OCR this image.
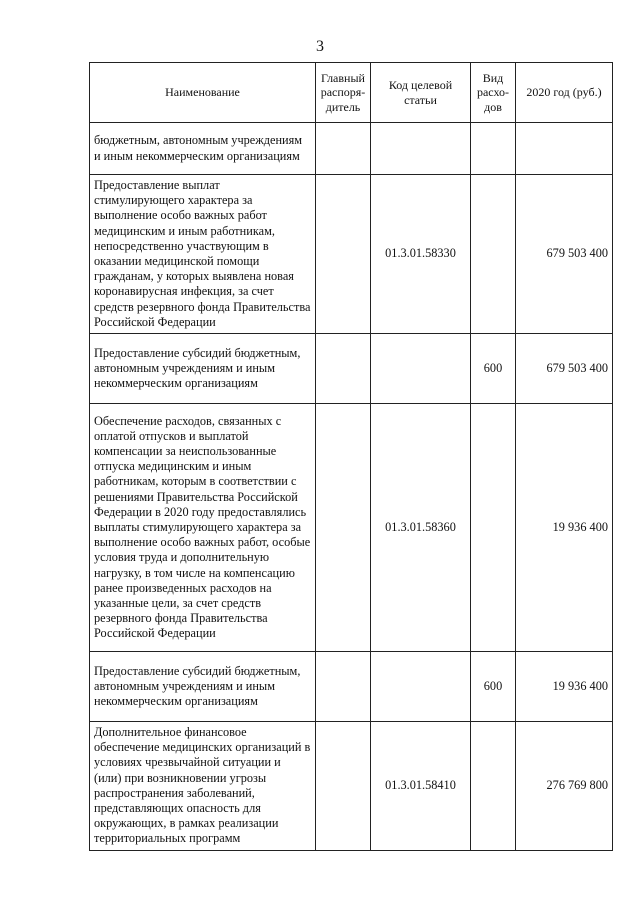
3
Наименование	Главный распоря-дитель	Код целевой статьи	Вид расхо-дов	2020 год (руб.)
бюджетным, автономным учреждениям и иным некоммерческим организациям				
Предоставление выплат стимулирующего характера за выполнение особо важных работ медицинским и иным работникам, непосредственно участвующим в оказании медицинской помощи гражданам, у которых выявлена новая коронавирусная инфекция, за счет средств резервного фонда Правительства Российской Федерации		01.3.01.58330		679 503 400
Предоставление субсидий бюджетным, автономным учреждениям и иным некоммерческим организациям			600	679 503 400
Обеспечение расходов, связанных с оплатой отпусков и выплатой компенсации за неиспользованные отпуска медицинским и иным работникам, которым в соответствии с решениями Правительства Российской Федерации в 2020 году предоставлялись выплаты стимулирующего характера за выполнение особо важных работ, особые условия труда и дополнительную нагрузку, в том числе на компенсацию ранее произведенных расходов на указанные цели, за счет средств резервного фонда Правительства Российской Федерации		01.3.01.58360		19 936 400
Предоставление субсидий бюджетным, автономным учреждениям и иным некоммерческим организациям			600	19 936 400
Дополнительное финансовое обеспечение медицинских организаций в условиях чрезвычайной ситуации и (или) при возникновении угрозы распространения заболеваний, представляющих опасность для окружающих, в рамках реализации территориальных программ		01.3.01.58410		276 769 800
